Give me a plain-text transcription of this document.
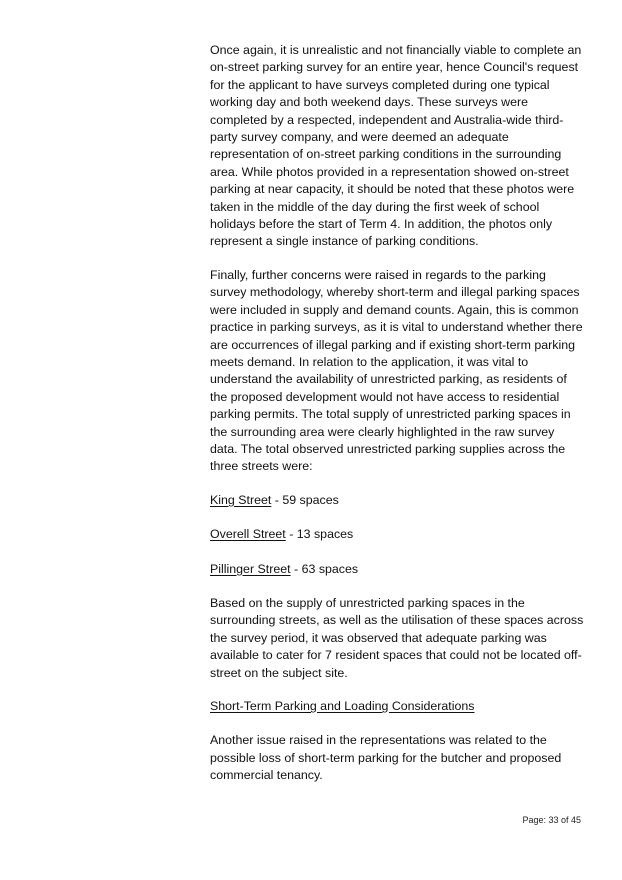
Once again, it is unrealistic and not financially viable to complete an on-street parking survey for an entire year, hence Council's request for the applicant to have surveys completed during one typical working day and both weekend days. These surveys were completed by a respected, independent and Australia-wide third-party survey company, and were deemed an adequate representation of on-street parking conditions in the surrounding area. While photos provided in a representation showed on-street parking at near capacity, it should be noted that these photos were taken in the middle of the day during the first week of school holidays before the start of Term 4. In addition, the photos only represent a single instance of parking conditions.

Finally, further concerns were raised in regards to the parking survey methodology, whereby short-term and illegal parking spaces were included in supply and demand counts. Again, this is common practice in parking surveys, as it is vital to understand whether there are occurrences of illegal parking and if existing short-term parking meets demand. In relation to the application, it was vital to understand the availability of unrestricted parking, as residents of the proposed development would not have access to residential parking permits. The total supply of unrestricted parking spaces in the surrounding area were clearly highlighted in the raw survey data. The total observed unrestricted parking supplies across the three streets were:

King Street - 59 spaces
Overell Street - 13 spaces
Pillinger Street - 63 spaces

Based on the supply of unrestricted parking spaces in the surrounding streets, as well as the utilisation of these spaces across the survey period, it was observed that adequate parking was available to cater for 7 resident spaces that could not be located off-street on the subject site.

Short-Term Parking and Loading Considerations

Another issue raised in the representations was related to the possible loss of short-term parking for the butcher and proposed commercial tenancy.

Page: 33 of 45
